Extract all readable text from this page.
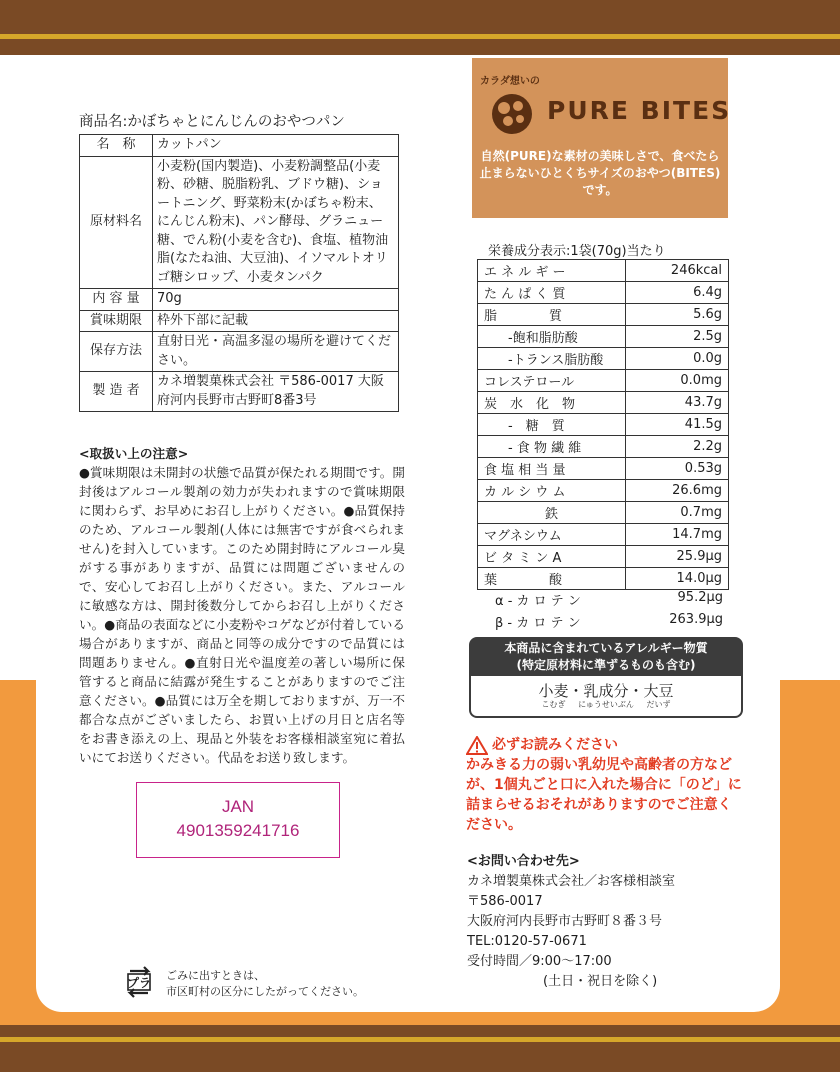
商品名:かぼちゃとにんじんのおやつパン
名　称	カットパン
原材料名	小麦粉(国内製造)、小麦粉調整品(小麦粉、砂糖、脱脂粉乳、ブドウ糖)、ショートニング、野菜粉末(かぼちゃ粉末、にんじん粉末)、パン酵母、グラニュー糖、でん粉(小麦を含む)、食塩、植物油脂(なたね油、大豆油)、イソマルトオリゴ糖シロップ、小麦タンパク
内 容 量	70g
賞味期限	枠外下部に記載
保存方法	直射日光・高温多湿の場所を避けてください。
製 造 者	カネ増製菓株式会社 〒586-0017 大阪府河内長野市古野町8番3号
<取扱い上の注意>
●賞味期限は未開封の状態で品質が保たれる期間です。開封後はアルコール製剤の効力が失われますので賞味期限に関わらず、お早めにお召し上がりください。●品質保持のため、アルコール製剤(人体には無害ですが食べられません)を封入しています。このため開封時にアルコール臭がする事がありますが、品質には問題ございませんので、安心してお召し上がりください。また、アルコールに敏感な方は、開封後数分してからお召し上がりください。●商品の表面などに小麦粉やコゲなどが付着している場合がありますが、商品と同等の成分ですので品質には問題ありません。●直射日光や温度差の著しい場所に保管すると商品に結露が発生することがありますのでご注意ください。●品質には万全を期しておりますが、万一不都合な点がございましたら、お買い上げの月日と店名等をお書き添えの上、現品と外装をお客様相談室宛に着払いにてお送りください。代品をお送り致します。
JAN
4901359241716
プラ
ごみに出すときは、
市区町村の区分にしたがってください。
カラダ想いの
PURE BITES
自然(PURE)な素材の美味しさで、食べたら止まらないひとくちサイズのおやつ(BITES)です。
栄養成分表示:1袋(70g)当たり
エ ネ ル ギ ー	246kcal
た ん ぱ く 質	6.4g
脂　　　　質	5.6g
-飽和脂肪酸	2.5g
-トランス脂肪酸	0.0g
コレステロール	0.0mg
炭　水　化　物	43.7g
-　糖　質	41.5g
- 食 物 繊 維	2.2g
食 塩 相 当 量	0.53g
カ ル シ ウ ム	26.6mg
鉄	0.7mg
マグネシウム	14.7mg
ビ タ ミ ン A	25.9μg
葉　　　　酸	14.0μg
α - カ ロ テ ン	95.2μg
β - カ ロ テ ン	263.9μg
本商品に含まれているアレルギー物質
(特定原材料に準ずるものも含む)
小麦・乳成分・大豆
こむぎ にゅうせいぶん だいず
必ずお読みください
かみきる力の弱い乳幼児や高齢者の方などが、1個丸ごと口に入れた場合に「のど」に詰まらせるおそれがありますのでご注意ください。
<お問い合わせ先>
カネ増製菓株式会社／お客様相談室
〒586-0017
大阪府河内長野市古野町８番３号
TEL:0120-57-0671
受付時間／9:00〜17:00
(土日・祝日を除く)
